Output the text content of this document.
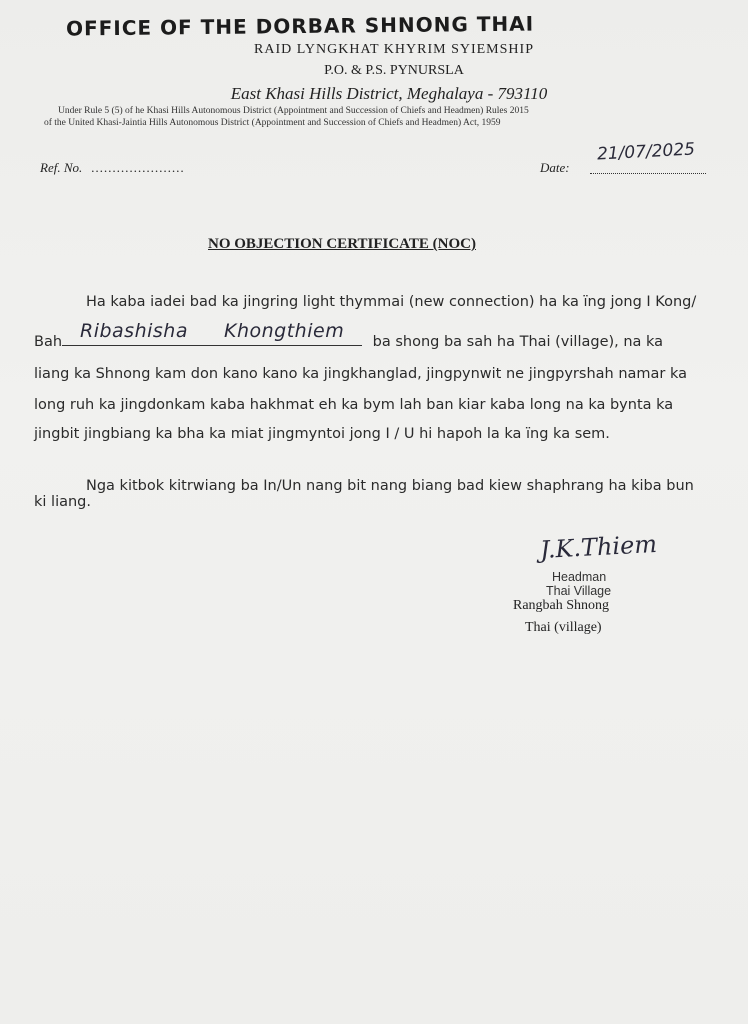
OFFICE OF THE DORBAR SHNONG THAI
RAID LYNGKHAT KHYRIM SYIEMSHIP
P.O. & P.S. PYNURSLA
East Khasi Hills District, Meghalaya - 793110
Under Rule 5 (5) of he Khasi Hills Autonomous District (Appointment and Succession of Chiefs and Headmen) Rules 2015
of the United Khasi-Jaintia Hills Autonomous District (Appointment and Succession of Chiefs and Headmen) Act, 1959
Ref. No. ......................	Date:
21/07/2025
NO OBJECTION CERTIFICATE (NOC)
Ha kaba iadei bad ka jingring light thymmai (new connection) ha ka ïng jong I Kong/
Bah	ba shong ba sah ha Thai (village), na ka
liang ka Shnong kam don kano kano ka jingkhanglad, jingpynwit ne jingpyrshah namar ka
long ruh ka jingdonkam kaba hakhmat eh ka bym lah ban kiar kaba long na ka bynta ka
jingbit jingbiang ka bha ka miat jingmyntoi jong I / U hi hapoh la ka ïng ka sem.
Ribashisha Khongthiem
Nga kitbok kitrwiang ba In/Un nang bit nang biang bad kiew shaphrang ha kiba bun
ki liang.
J.K.Thiem
Headman
Thai Village
Rangbah Shnong
Thai (village)
